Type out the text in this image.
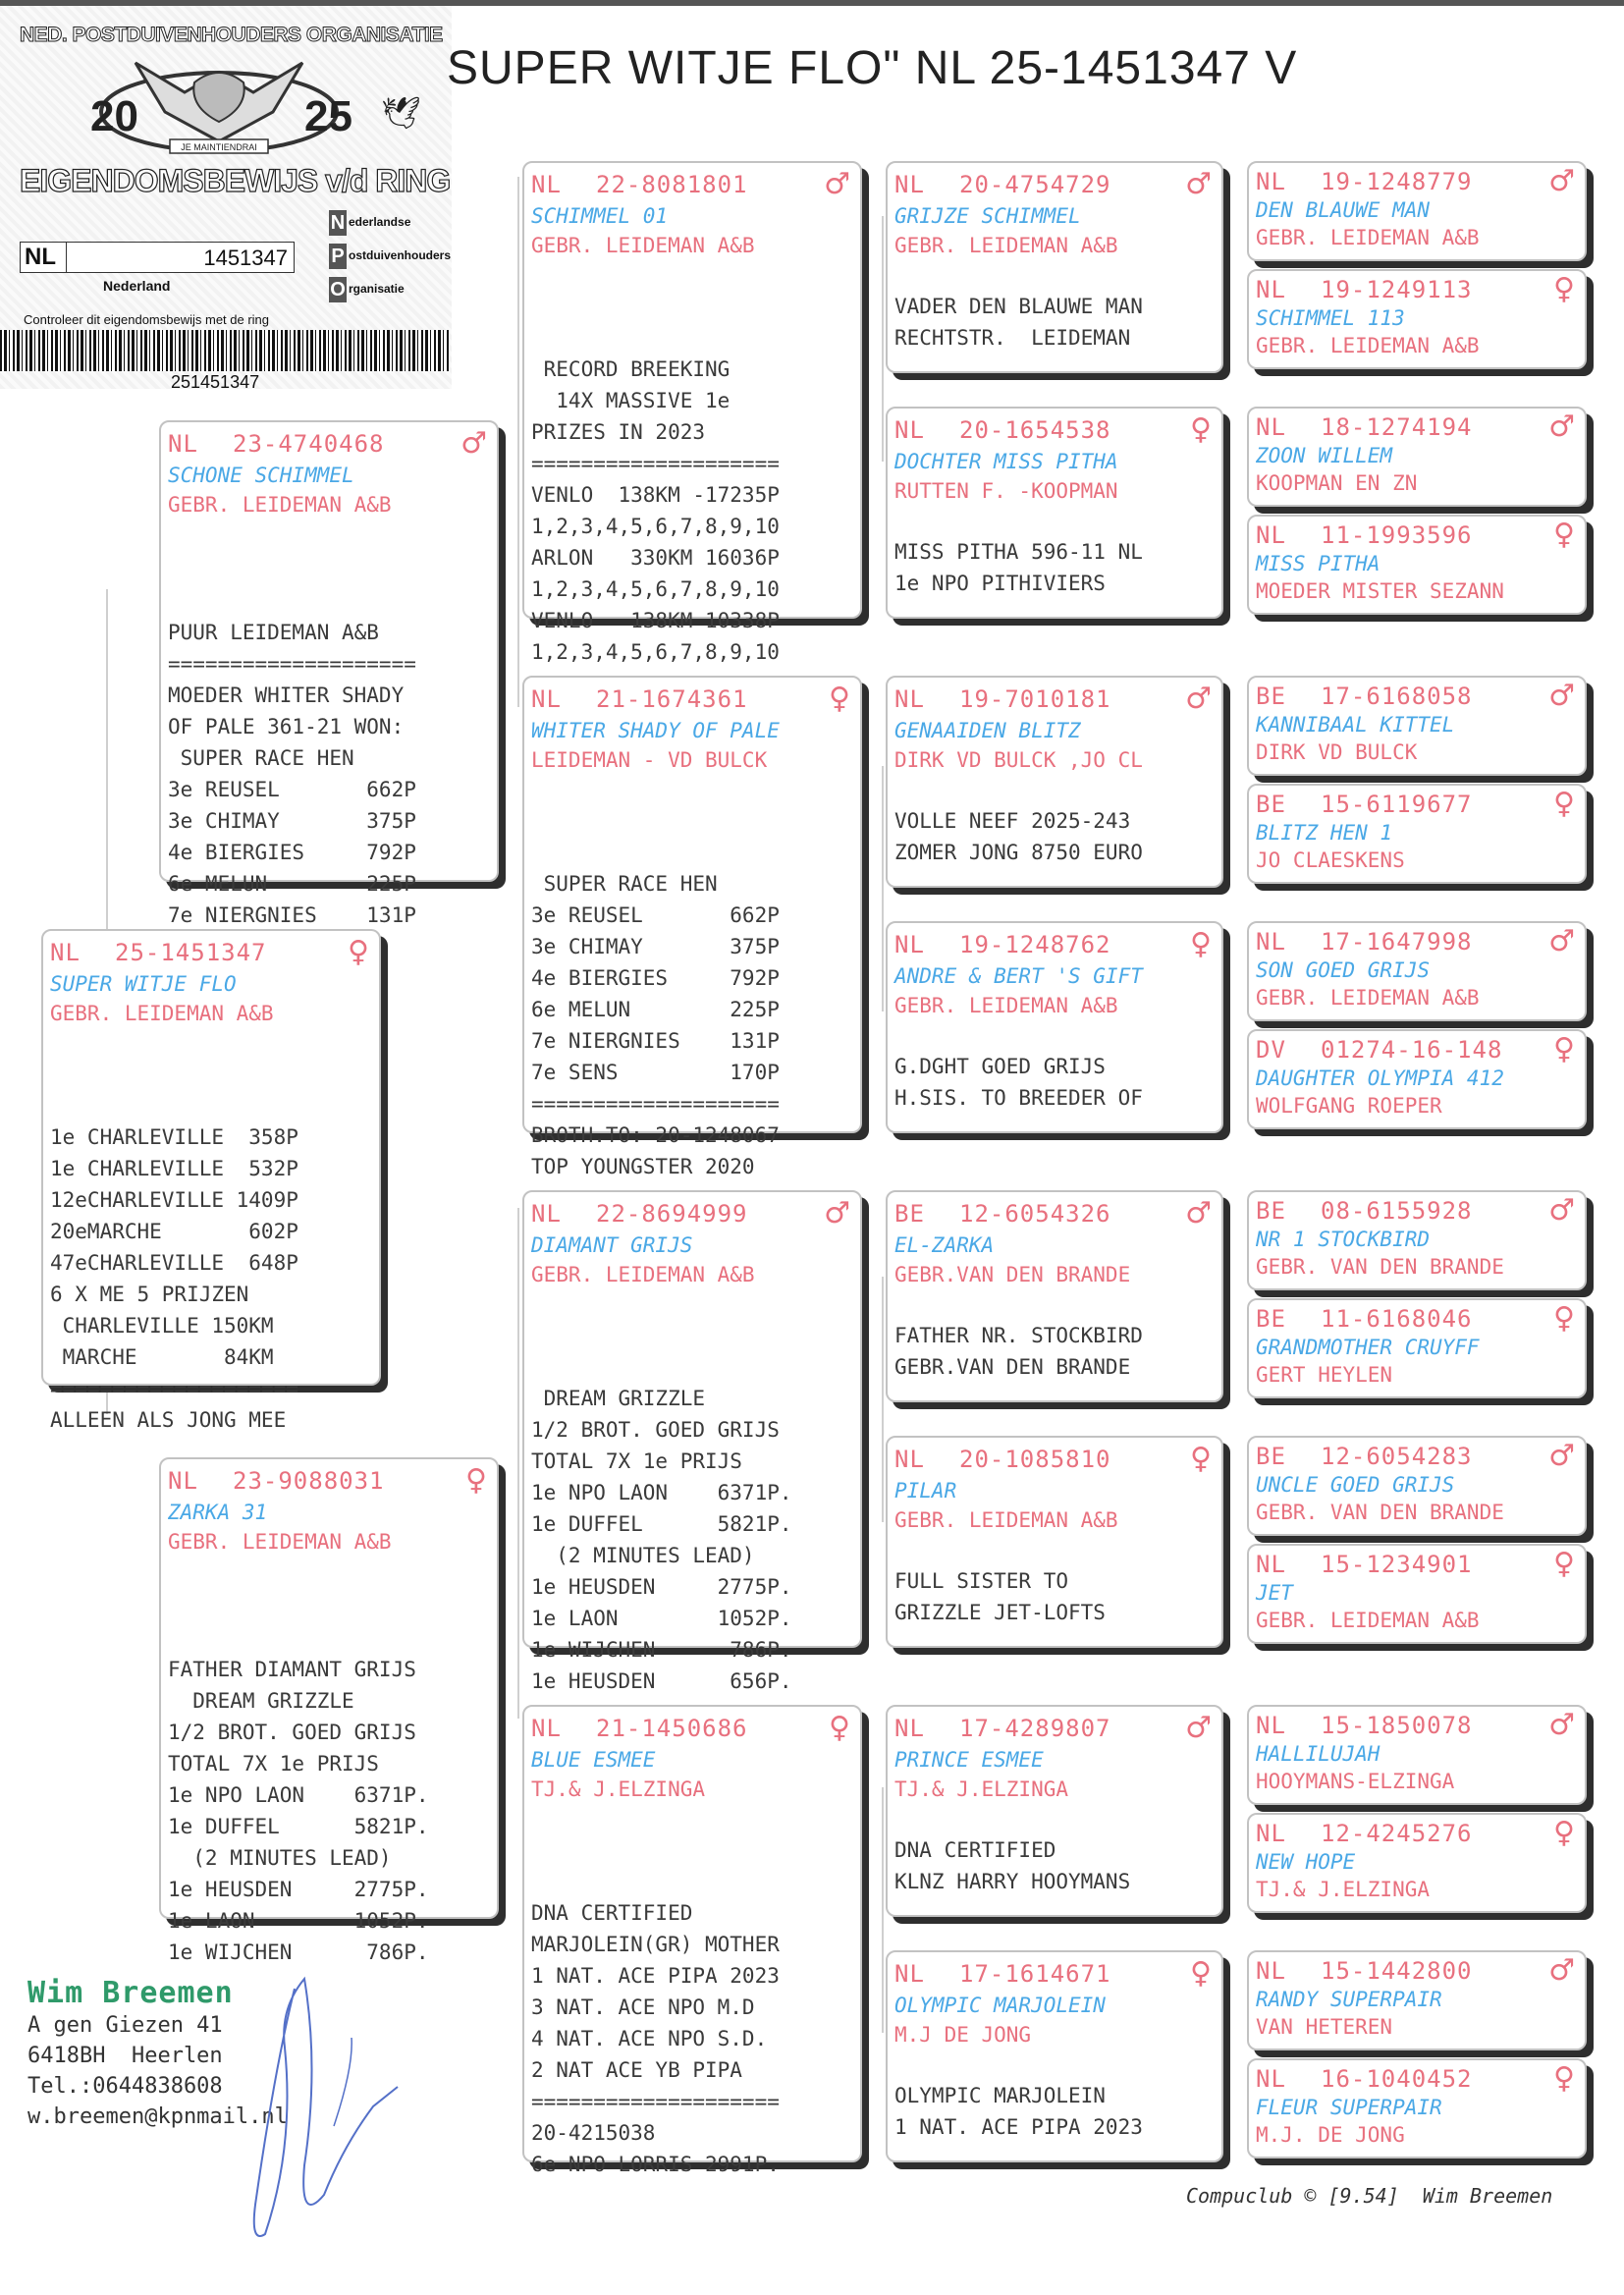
NED. POSTDUIVENHOUDERS ORGANISATIE
JE MAINTIENDRAI
20	25 🕊
EIGENDOMSBEWIJS v/d RING
NL	1451347
Nederland
N ederlandse
P ostduivenhouders
O rganisatie
Controleer dit eigendomsbewijs met de ring
251451347
SUPER WITJE FLO" NL 25-1451347 V

NL

25-1451347

	♀

SUPER WITJE FLO
GEBR. LEIDEMAN A&B

1e CHARLEVILLE  358P
1e CHARLEVILLE  532P
12eCHARLEVILLE 1409P
20eMARCHE       602P
47eCHARLEVILLE  648P
6 X ME 5 PRIJZEN
CHARLEVILLE 150KM
MARCHE       84KM
====================
ALLEEN ALS JONG MEE

NL

23-4740468

	♂

SCHONE SCHIMMEL
GEBR. LEIDEMAN A&B

PUUR LEIDEMAN A&B
====================
MOEDER WHITER SHADY
OF PALE 361-21 WON:
SUPER RACE HEN
3e REUSEL       662P
3e CHIMAY       375P
4e BIERGIES     792P
6e MELUN        225P
7e NIERGNIES    131P

NL

23-9088031

	♀

ZARKA 31
GEBR. LEIDEMAN A&B

FATHER DIAMANT GRIJS
DREAM GRIZZLE
1/2 BROT. GOED GRIJS
TOTAL 7X 1e PRIJS
1e NPO LAON    6371P.
1e DUFFEL      5821P.
(2 MINUTES LEAD)
1e HEUSDEN     2775P.
1e LAON        1052P.
1e WIJCHEN      786P.

NL

22-8081801

	♂

SCHIMMEL 01
GEBR. LEIDEMAN A&B

RECORD BREEKING
14X MASSIVE 1e
PRIZES IN 2023
====================
VENLO  138KM -17235P
1,2,3,4,5,6,7,8,9,10
ARLON   330KM 16036P
1,2,3,4,5,6,7,8,9,10
VENLO   138KM 10338P
1,2,3,4,5,6,7,8,9,10

NL

21-1674361

	♀

WHITER SHADY OF PALE
LEIDEMAN - VD BULCK

SUPER RACE HEN
3e REUSEL       662P
3e CHIMAY       375P
4e BIERGIES     792P
6e MELUN        225P
7e NIERGNIES    131P
7e SENS         170P
====================
BROTH.TO: 20-1248067
TOP YOUNGSTER 2020

NL

22-8694999

	♂

DIAMANT GRIJS
GEBR. LEIDEMAN A&B

DREAM GRIZZLE
1/2 BROT. GOED GRIJS
TOTAL 7X 1e PRIJS
1e NPO LAON    6371P.
1e DUFFEL      5821P.
(2 MINUTES LEAD)
1e HEUSDEN     2775P.
1e LAON        1052P.
1e WIJCHEN      786P.
1e HEUSDEN      656P.

NL

21-1450686

	♀

BLUE ESMEE
TJ.& J.ELZINGA

DNA CERTIFIED
MARJOLEIN(GR) MOTHER
1 NAT. ACE PIPA 2023
3 NAT. ACE NPO M.D
4 NAT. ACE NPO S.D.
2 NAT ACE YB PIPA
====================
20-4215038
6e NPO LORRIS 2991P.

NL 20-4754729	♂
GRIJZE SCHIMMEL
GEBR. LEIDEMAN A&B
VADER DEN BLAUWE MAN
RECHTSTR.  LEIDEMAN
NL 20-1654538	♀
DOCHTER MISS PITHA
RUTTEN F. -KOOPMAN
MISS PITHA 596-11 NL
1e NPO PITHIVIERS
NL 19-7010181	♂
GENAAIDEN BLITZ
DIRK VD BULCK ,JO CL
VOLLE NEEF 2025-243
ZOMER JONG 8750 EURO
NL 19-1248762	♀
ANDRE & BERT 'S GIFT
GEBR. LEIDEMAN A&B
G.DGHT GOED GRIJS
H.SIS. TO BREEDER OF
BE 12-6054326	♂
EL-ZARKA
GEBR.VAN DEN BRANDE
FATHER NR. STOCKBIRD
GEBR.VAN DEN BRANDE
NL 20-1085810	♀
PILAR
GEBR. LEIDEMAN A&B
FULL SISTER TO
GRIZZLE JET-LOFTS
NL 17-4289807	♂
PRINCE ESMEE
TJ.& J.ELZINGA
DNA CERTIFIED
KLNZ HARRY HOOYMANS
NL 17-1614671	♀
OLYMPIC MARJOLEIN
M.J DE JONG
OLYMPIC MARJOLEIN
1 NAT. ACE PIPA 2023
NL 19-1248779	♂
DEN BLAUWE MAN
GEBR. LEIDEMAN A&B
NL 19-1249113	♀
SCHIMMEL 113
GEBR. LEIDEMAN A&B
NL 18-1274194	♂
ZOON WILLEM
KOOPMAN EN ZN
NL 11-1993596	♀
MISS PITHA
MOEDER MISTER SEZANN
BE 17-6168058	♂
KANNIBAAL KITTEL
DIRK VD BULCK
BE 15-6119677	♀
BLITZ HEN 1
JO CLAESKENS
NL 17-1647998	♂
SON GOED GRIJS
GEBR. LEIDEMAN A&B
DV 01274-16-148 ♀
DAUGHTER OLYMPIA 412
WOLFGANG ROEPER
BE 08-6155928	♂
NR 1 STOCKBIRD
GEBR. VAN DEN BRANDE
BE 11-6168046	♀
GRANDMOTHER CRUYFF
GERT HEYLEN
BE 12-6054283	♂
UNCLE GOED GRIJS
GEBR. VAN DEN BRANDE
NL 15-1234901	♀
JET
GEBR. LEIDEMAN A&B
NL 15-1850078	♂
HALLILUJAH
HOOYMANS-ELZINGA
NL 12-4245276	♀
NEW HOPE
TJ.& J.ELZINGA
NL 15-1442800	♂
RANDY SUPERPAIR
VAN HETEREN
NL 16-1040452	♀
FLEUR SUPERPAIR
M.J. DE JONG
Wim Breemen
A gen Giezen 41
6418BH  Heerlen
Tel.:0644838608
w.breemen@kpnmail.nl
Compuclub © [9.54]  Wim Breemen
